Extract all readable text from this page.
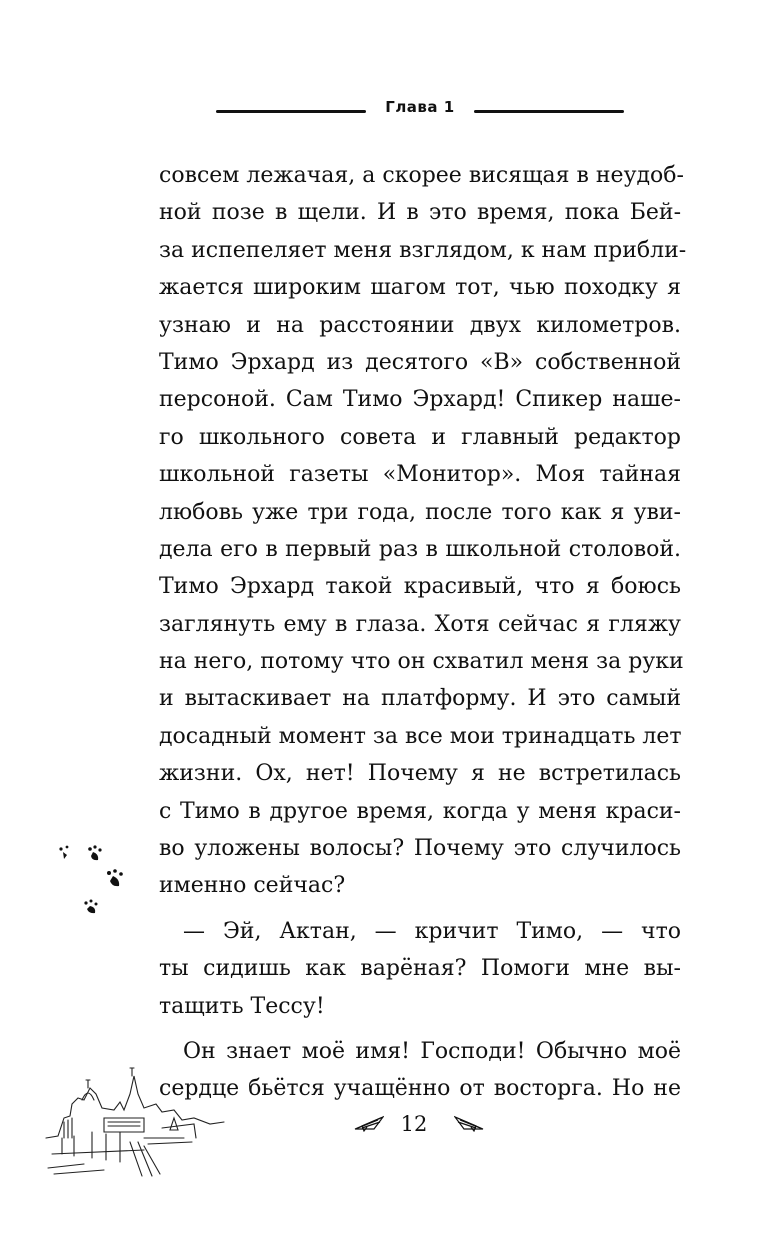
Глава 1
совсем лежачая, а скорее висящая в неудоб-
ной позе в щели. И в это время, пока Бей-
за испепеляет меня взглядом, к нам прибли-
жается широким шагом тот, чью походку я
узнаю и на расстоянии двух километров.
Тимо Эрхард из десятого «В» собственной
персоной. Сам Тимо Эрхард! Спикер наше-
го школьного совета и главный редактор
школьной газеты «Монитор». Моя тайная
любовь уже три года, после того как я уви-
дела его в первый раз в школьной столовой.
Тимо Эрхард такой красивый, что я боюсь
заглянуть ему в глаза. Хотя сейчас я гляжу
на него, потому что он схватил меня за руки
и вытаскивает на платформу. И это самый
досадный момент за все мои тринадцать лет
жизни. Ох, нет! Почему я не встретилась
с Тимо в другое время, когда у меня краси-
во уложены волосы? Почему это случилось
именно сейчас?
— Эй, Актан, — кричит Тимо, — что
ты сидишь как варёная? Помоги мне вы-
тащить Тессу!
Он знает моё имя! Господи! Обычно моё
сердце бьётся учащённо от восторга. Но не
12
